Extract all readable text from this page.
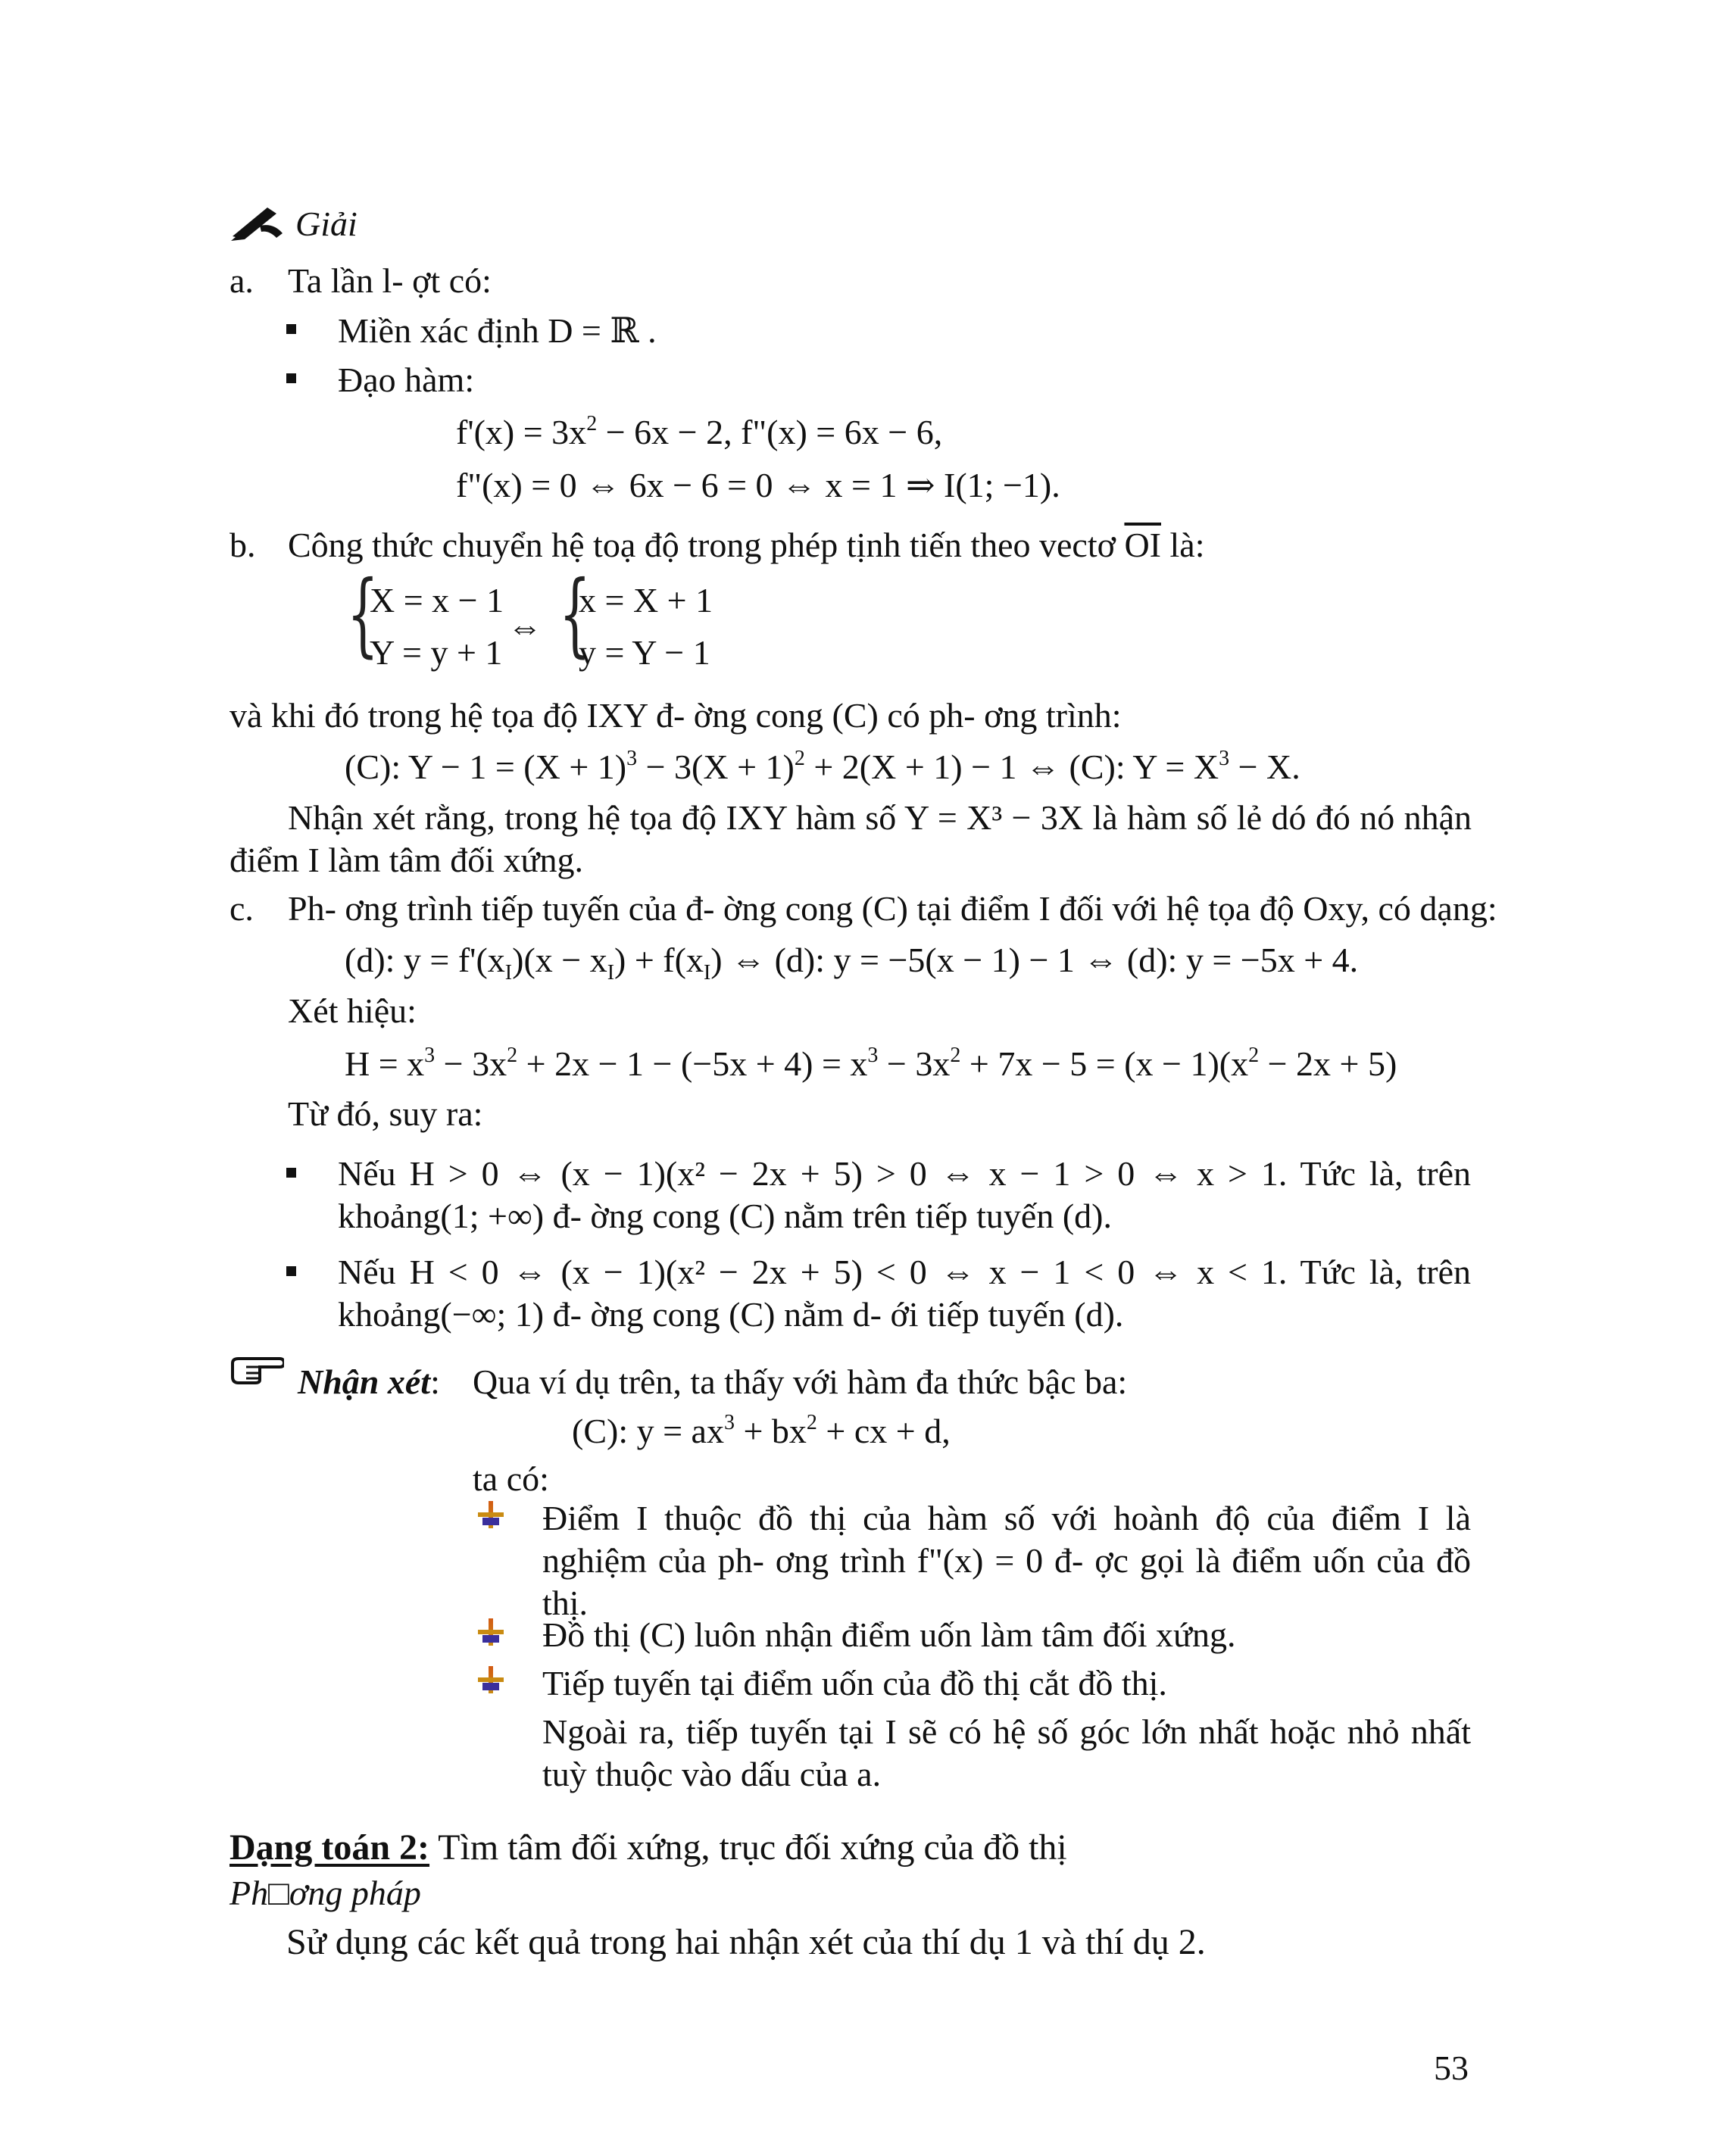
Giải
a. Ta lần l- ợt có:
Miền xác định D = ℝ .
Đạo hàm:
$f'(x) = 3x^2 - 6x - 2$, f"(x) = 6x − 6,
f"(x) = 0 ⇔ 6x − 6 = 0 ⇔ x = 1 ⇒ I(1; −1).
b. Công thức chuyển hệ toạ độ trong phép tịnh tiến theo vectơ $\overline{OI}$ là:
{
X = x − 1
Y = y + 1
⇔ {
x = X + 1
y = Y − 1
và khi đó trong hệ tọa độ IXY đ- ờng cong (C) có ph- ơng trình:
(C): $Y - 1 = (X + 1)^3 - 3(X + 1)^2 + 2(X + 1) - 1$ ⇔ (C): $Y = X^3 - X$.
Nhận xét rằng, trong hệ tọa độ IXY hàm số Y = X³ − 3X là hàm số lẻ dó đó nó nhận điểm I làm tâm đối xứng.
c. Ph- ơng trình tiếp tuyến của đ- ờng cong (C) tại điểm I đối với hệ tọa độ Oxy, có dạng:
(d): $y = f'(x_I)(x - x_I) + f(x_I)$ ⇔ (d): y = −5(x − 1) − 1 ⇔ (d): y = −5x + 4.
Xét hiệu:
$H = x^3 - 3x^2 + 2x - 1 - (-5x + 4) = x^3 - 3x^2 + 7x - 5 = (x - 1)(x^2 - 2x + 5)$
Từ đó, suy ra:
Nếu H > 0 ⇔ (x − 1)(x² − 2x + 5) > 0 ⇔ x − 1 > 0 ⇔ x > 1. Tức là, trên khoảng(1; +∞) đ- ờng cong (C) nằm trên tiếp tuyến (d).
Nếu H < 0 ⇔ (x − 1)(x² − 2x + 5) < 0 ⇔ x − 1 < 0 ⇔ x < 1. Tức là, trên khoảng(−∞; 1) đ- ờng cong (C) nằm d- ới tiếp tuyến (d).
Nhận xét: Qua ví dụ trên, ta thấy với hàm đa thức bậc ba:
(C): $y = ax^3 + bx^2$ + cx + d,
ta có:
Điểm I thuộc đồ thị của hàm số với hoành độ của điểm I là nghiệm của ph- ơng trình f"(x) = 0 đ- ợc gọi là điểm uốn của đồ thị.
Đồ thị (C) luôn nhận điểm uốn làm tâm đối xứng.
Tiếp tuyến tại điểm uốn của đồ thị cắt đồ thị.
Ngoài ra, tiếp tuyến tại I sẽ có hệ số góc lớn nhất hoặc nhỏ nhất tuỳ thuộc vào dấu của a.
Dạng toán 2: Tìm tâm đối xứng, trục đối xứng của đồ thị
Ph□ơng pháp
Sử dụng các kết quả trong hai nhận xét của thí dụ 1 và thí dụ 2.
53
